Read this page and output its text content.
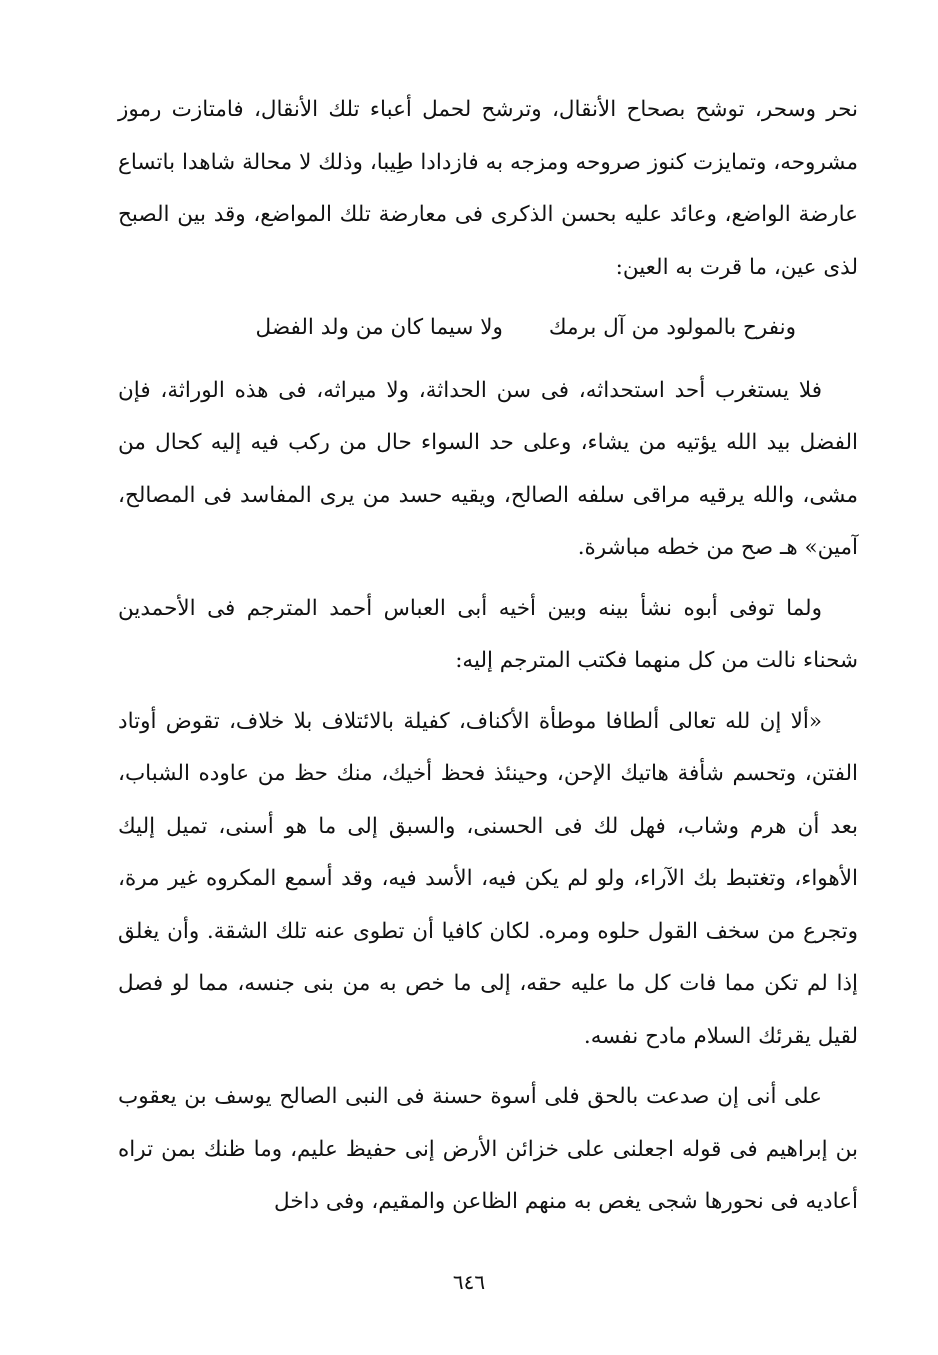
نحر وسحر، توشح بصحاح الأنقال، وترشح لحمل أعباء تلك الأنقال، فامتازت رموز مشروحه، وتمايزت كنوز صروحه ومزجه به فازدادا طِيبا، وذلك لا محالة شاهدا باتساع عارضة الواضع، وعائد عليه بحسن الذكرى فى معارضة تلك المواضع، وقد بين الصبح لذى عين، ما قرت به العين:

ونفرح بالمولود من آل برمك
ولا سيما كان من ولد الفضل

فلا يستغرب أحد استحداثه، فى سن الحداثة، ولا ميراثه، فى هذه الوراثة، فإن الفضل بيد الله يؤتيه من يشاء، وعلى حد السواء حال من ركب فيه إليه كحال من مشى، والله يرقيه مراقى سلفه الصالح، ويقيه حسد من يرى المفاسد فى المصالح، آمين» هـ صح من خطه مباشرة.

ولما توفى أبوه نشأ بينه وبين أخيه أبى العباس أحمد المترجم فى الأحمدين شحناء نالت من كل منهما فكتب المترجم إليه:

«ألا إن لله تعالى ألطافا موطأة الأكناف، كفيلة بالائتلاف بلا خلاف، تقوض أوتاد الفتن، وتحسم شأفة هاتيك الإحن، وحينئذ فحظ أخيك، منك حظ من عاوده الشباب، بعد أن هرم وشاب، فهل لك فى الحسنى، والسبق إلى ما هو أسنى، تميل إليك الأهواء، وتغتبط بك الآراء، ولو لم يكن فيه، الأسد فيه، وقد أسمع المكروه غير مرة، وتجرع من سخف القول حلوه ومره. لكان كافيا أن تطوى عنه تلك الشقة. وأن يغلق إذا لم تكن مما فات كل ما عليه حقه، إلى ما خص به من بنى جنسه، مما لو فصل لقيل يقرئك السلام مادح نفسه.

على أنى إن صدعت بالحق فلى أسوة حسنة فى النبى الصالح يوسف بن يعقوب بن إبراهيم فى قوله اجعلنى على خزائن الأرض إنى حفيظ عليم، وما ظنك بمن تراه أعاديه فى نحورها شجى يغص به منهم الظاعن والمقيم، وفى داخل

٦٤٦
